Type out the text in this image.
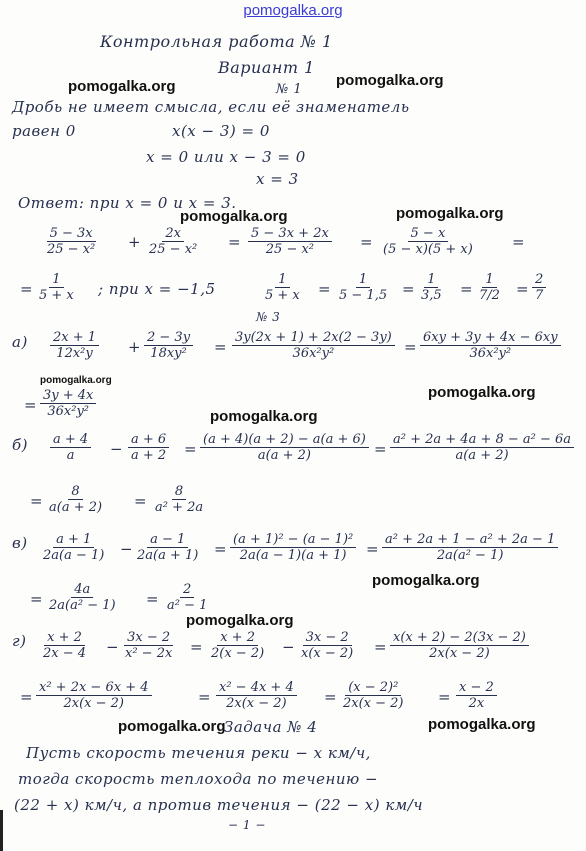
pomogalka.org
pomogalka.org	pomogalka.org
pomogalka.org	pomogalka.org
pomogalka.org
pomogalka.org
pomogalka.org
pomogalka.org
pomogalka.org
pomogalka.org	pomogalka.org
Контрольная работа № 1
Вариант 1
№ 1
Дробь не имеет смысла, если её знаменатель
равен 0	x(x − 3) = 0
x = 0 или x − 3 = 0
x = 3
Ответ: при x = 0 и x = 3.
$\frac{5 - 3x}{\text{25 − x²}} + \frac{2x}{\text{25 − x²}} = \frac{5 - 3x + 2x}{\text{25 − x²}} = \frac{5 - x}{(5 - x)(5 + x)}$ =
= $\frac{1}{5 + x}$ ; при x = −1,5	$\frac{1}{5 + x} = \frac{1}{5 - 1,5} = \frac{1}{3,5} = \frac{1}{7/2} = \frac{2}{7}$
№ 3
$а) \frac{2x + 1}{\text{12x²y}} + \frac{2 - 3y}{\text{18xy²}} = \frac{3y(2x + 1) + 2x(2 - 3y)}{\text{36x²y²}} = \frac{6xy + 3y + 4x - 6xy}{\text{36x²y²}}$
= $\frac{3y + 4x}{\text{36x²y²}}$
$б) \frac{a + 4}{a} - \frac{a + 6}{a + 2} = \frac{(a + 4)(a + 2) - a(a + 6)}{a(a + 2)} = \frac{\text{a² + 2a + 4a + 8 − a² − 6a}}{a(a + 2)}$
= $\frac{8}{a(a + 2)} = \frac{8}{\text{a² + 2a}}$
$в) \frac{a + 1}{2a(a - 1)} - \frac{a - 1}{2a(a + 1)} = \frac{\text{(a + 1)² − (a − 1)²}}{2a(a - 1)(a + 1)} = \frac{\text{a² + 2a + 1 − a² + 2a − 1}}{\text{2a(a² − 1)}}$
= $\frac{4a}{\text{2a(a² − 1)}} = \frac{2}{\text{a² − 1}}$
$г) \frac{x + 2}{2x - 4} - \frac{3x - 2}{\text{x² − 2x}} = \frac{x + 2}{2(x - 2)} - \frac{3x - 2}{x(x - 2)} = \frac{x(x + 2) - 2(3x - 2)}{2x(x - 2)}$
= $\frac{\text{x² + 2x − 6x + 4}}{2x(x - 2)}$	= $\frac{\text{x² − 4x + 4}}{2x(x - 2)} = \frac{\text{(x − 2)²}}{2x(x - 2)} = \frac{x - 2}{2x}$
Задача № 4
Пусть скорость течения реки − x км/ч,
тогда скорость теплохода по течению −
(22 + x) км/ч, а против течения − (22 − x) км/ч
− 1 −
